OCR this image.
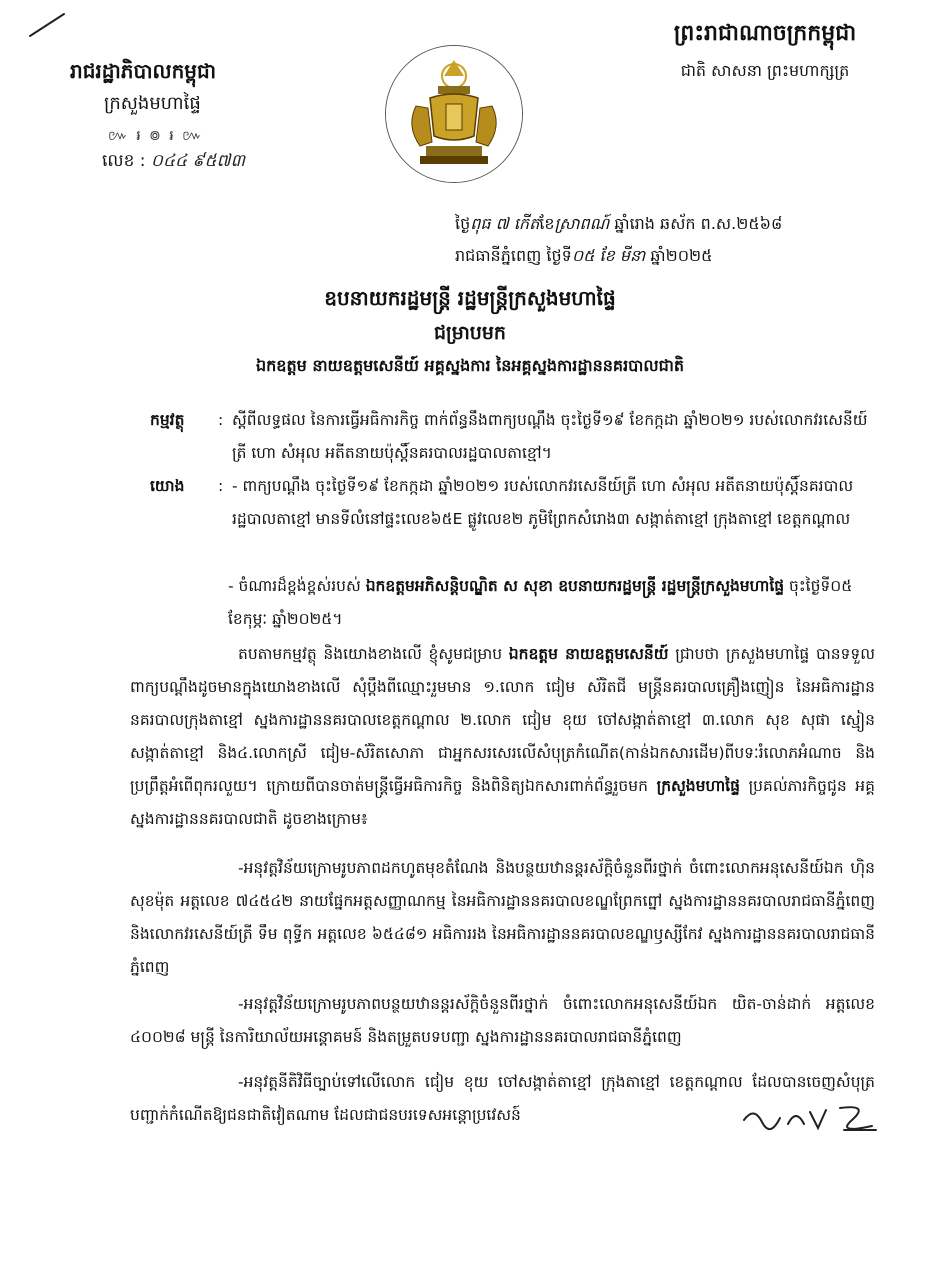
រាជរដ្ឋាភិបាលកម្ពុជា

ក្រសួងមហាផ្ទៃ

៚ ៛ ៙ ៛ ៚
លេខ : ០៤៤ ៩៥៧៣

ព្រះរាជាណាចក្រកម្ពុជា

ជាតិ សាសនា ព្រះមហាក្សត្រ

ថ្ងៃពុធ ៧ កើតខែស្រាពណ៍ ឆ្នាំរោង ឆស័ក ព.ស.២៥៦៨
រាជធានីភ្នំពេញ ថ្ងៃទី០៥ ខែ មីនា ឆ្នាំ២០២៥

ឧបនាយករដ្ឋមន្ត្រី រដ្ឋមន្ត្រីក្រសួងមហាផ្ទៃ

ជម្រាបមក

ឯកឧត្តម នាយឧត្តមសេនីយ៍ អគ្គស្នងការ នៃអគ្គស្នងការដ្ឋាននគរបាលជាតិ

កម្មវត្ថុ	: ស្តីពីលទ្ធផល នៃការធ្វើអធិការកិច្ច ពាក់ព័ន្ធនឹងពាក្យបណ្តឹង ចុះថ្ងៃទី១៩ ខែកក្កដា ឆ្នាំ២០២១ របស់លោកវរសេនីយ៍ត្រី ហោ សំអុល អតីតនាយប៉ុស្តិ៍នគរបាលរដ្ឋបាលតាខ្មៅ។
យោង	: - ពាក្យបណ្តឹង ចុះថ្ងៃទី១៩ ខែកក្កដា ឆ្នាំ២០២១ របស់លោកវរសេនីយ៍ត្រី ហោ សំអុល អតីតនាយប៉ុស្តិ៍នគរបាលរដ្ឋបាលតាខ្មៅ មានទីលំនៅផ្ទះលេខ៦៥E ផ្លូវលេខ២ ភូមិព្រែកសំរោង៣ សង្កាត់តាខ្មៅ ក្រុងតាខ្មៅ ខេត្តកណ្តាល
- ចំណារដ៏ខ្ពង់ខ្ពស់របស់ ឯកឧត្តមអភិសន្តិបណ្ឌិត ស សុខា ឧបនាយករដ្ឋមន្ត្រី រដ្ឋមន្ត្រីក្រសួងមហាផ្ទៃ ចុះថ្ងៃទី០៥ ខែកុម្ភៈ ឆ្នាំ២០២៥។
តបតាមកម្មវត្ថុ និងយោងខាងលើ ខ្ញុំសូមជម្រាប ឯកឧត្តម នាយឧត្តមសេនីយ៍ ជ្រាបថា ក្រសួងមហាផ្ទៃ បានទទួលពាក្យបណ្តឹងដូចមានក្នុងយោងខាងលើ សុំប្តឹងពីឈ្មោះរួមមាន ១.លោក ជៀម ស័រិតជី មន្ត្រីនគរបាលគ្រឿងញៀន នៃអធិការដ្ឋាននគរបាលក្រុងតាខ្មៅ ស្នងការដ្ឋាននគរបាលខេត្តកណ្តាល ២.លោក ជៀម ខុយ ចៅសង្កាត់តាខ្មៅ ៣.លោក សុខ សុផា ស្មៀនសង្កាត់តាខ្មៅ និង៤.លោកស្រី ជៀម-ស័រិតសោភា ជាអ្នកសរសេរលើសំបុត្រកំណើត(កាន់ឯកសារដើម)ពីបទៈរំលោភអំណាច និងប្រព្រឹត្តអំពើពុករលួយ។ ក្រោយពីបានចាត់មន្ត្រីធ្វើអធិការកិច្ច និងពិនិត្យឯកសារពាក់ព័ន្ធរួចមក ក្រសួងមហាផ្ទៃ ប្រគល់ភារកិច្ចជូន អគ្គស្នងការដ្ឋាននគរបាលជាតិ ដូចខាងក្រោម៖
-អនុវត្តវិន័យក្រោមរូបភាពដកហូតមុខតំណែង និងបន្ថយឋានន្តរស័ក្តិចំនួនពីរថ្នាក់ ចំពោះលោកអនុសេនីយ៍ឯក ហ៊ិន សុខម៉ុត អត្តលេខ ៧៤៥៤២ នាយផ្នែកអត្តសញ្ញាណកម្ម នៃអធិការដ្ឋាននគរបាលខណ្ឌព្រែកព្នៅ ស្នងការដ្ឋាននគរបាលរាជធានីភ្នំពេញ និងលោកវរសេនីយ៍ត្រី ទឹម ពុទ្ធីក អត្តលេខ ៦៥៤៨១ អធិការរង នៃអធិការដ្ឋាននគរបាលខណ្ឌឫស្សីកែវ ស្នងការដ្ឋាននគរបាលរាជធានីភ្នំពេញ
-អនុវត្តវិន័យក្រោមរូបភាពបន្ថយឋានន្តរស័ក្តិចំនួនពីរថ្នាក់ ចំពោះលោកអនុសេនីយ៍ឯក យិត-ចាន់ដាក់ អត្តលេខ ៤០០២៨ មន្ត្រី នៃការិយាល័យអន្តោគមន៍ និងតម្រួតបទបញ្ជា ស្នងការដ្ឋាននគរបាលរាជធានីភ្នំពេញ
-អនុវត្តនីតិវិធីច្បាប់ទៅលើលោក ជៀម ខុយ ចៅសង្កាត់តាខ្មៅ ក្រុងតាខ្មៅ ខេត្តកណ្តាល ដែលបានចេញសំបុត្របញ្ជាក់កំណើតឱ្យជនជាតិវៀតណាម ដែលជាជនបរទេសអន្តោប្រវេសន៍
